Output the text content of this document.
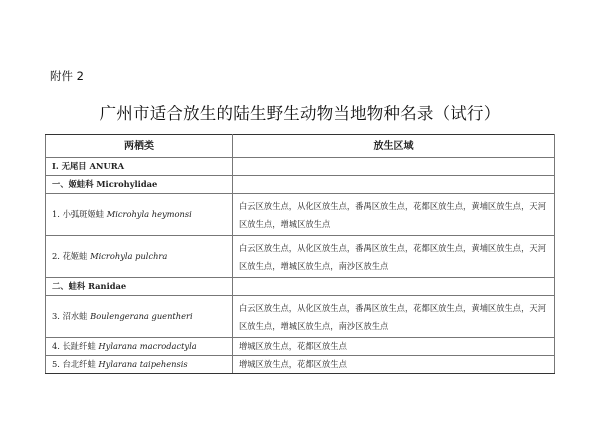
附件 2
广州市适合放生的陆生野生动物当地物种名录（试行）
两栖类	放生区域
I. 无尾目 ANURA	
一、姬蛙科 Microhylidae	
1. 小弧斑姬蛙 Microhyla heymonsi	白云区放生点，从化区放生点，番禺区放生点，花都区放生点，黄埔区放生点，天河区放生点，增城区放生点
2. 花姬蛙 Microhyla pulchra	白云区放生点，从化区放生点，番禺区放生点，花都区放生点，黄埔区放生点，天河区放生点，增城区放生点，南沙区放生点
二、蛙科 Ranidae	
3. 沼水蛙 Boulengerana guentheri	白云区放生点，从化区放生点，番禺区放生点，花都区放生点，黄埔区放生点，天河区放生点，增城区放生点，南沙区放生点
4. 长趾纤蛙 Hylarana macrodactyla	增城区放生点，花都区放生点
5. 台北纤蛙 Hylarana taipehensis	增城区放生点，花都区放生点
